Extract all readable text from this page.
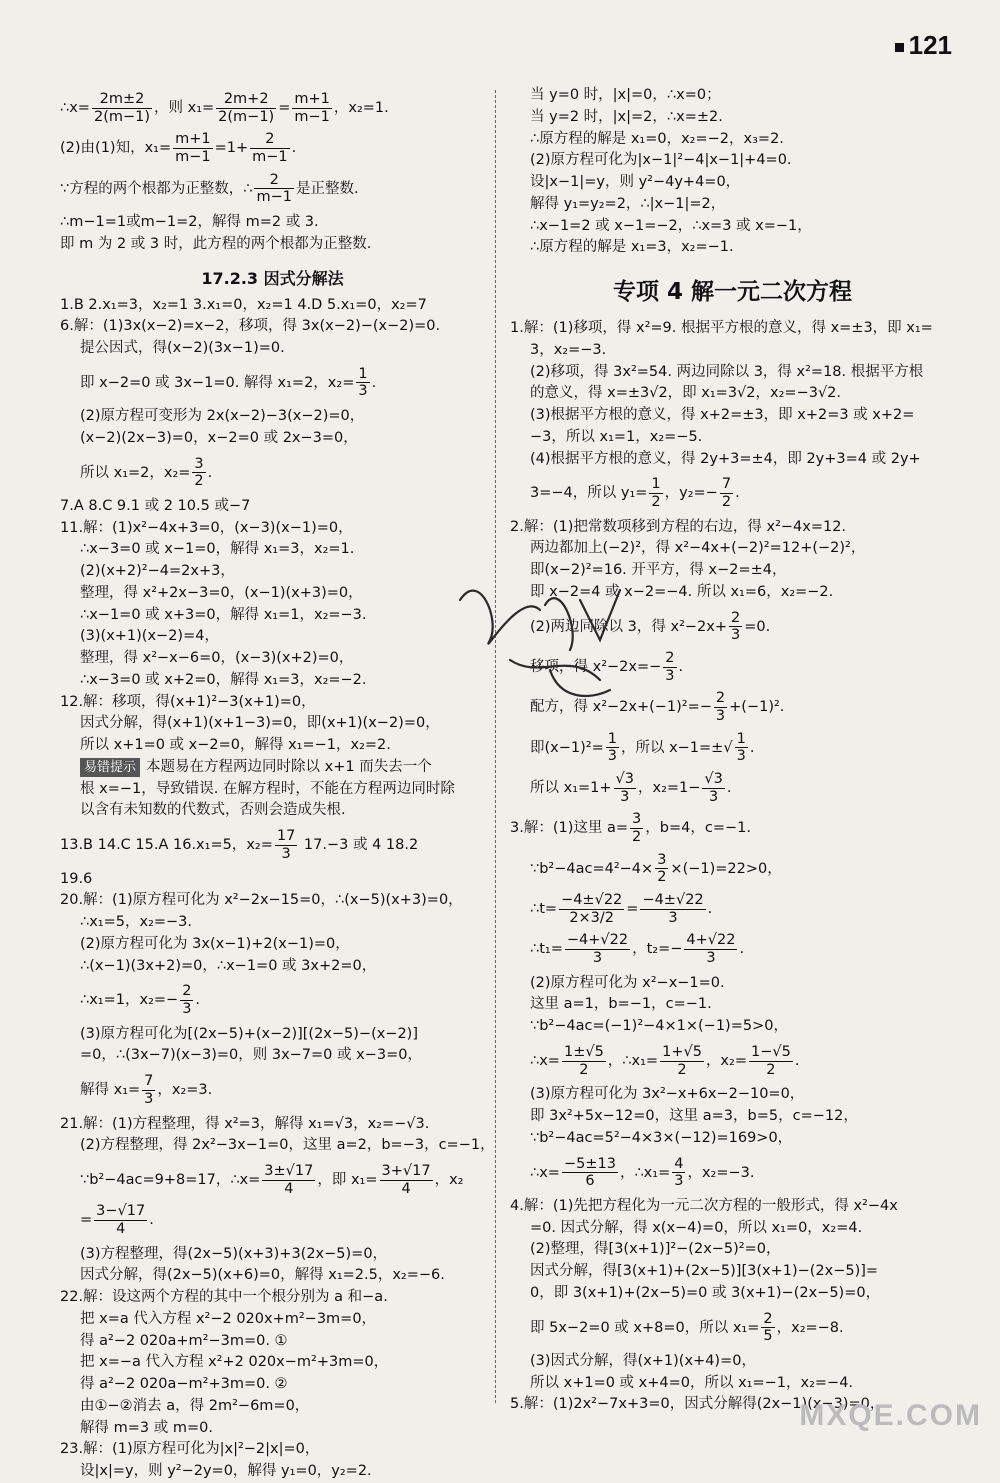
121
∴x= $\frac{2m\pm 2}{2(m-1)}$ ，则 $x_1= \frac{2m+2}{2(m-1)} = \frac{m+1}{m-1}$ ，x₂=1.
(2)由(1)知，$x_1= \frac{m+1}{m-1} =1+ \frac{2}{m-1}$ .
∵方程的两个根都为正整数，∴ $\frac{2}{m-1}$ 是正整数.
∴m−1=1或m−1=2，解得 m=2 或 3.
即 m 为 2 或 3 时，此方程的两个根都为正整数.
17.2.3 因式分解法
1.B 2.x₁=3，x₂=1 3.x₁=0，x₂=1 4.D 5.x₁=0，x₂=7
6.解：(1)3x(x−2)=x−2，移项，得 3x(x−2)−(x−2)=0.
提公因式，得(x−2)(3x−1)=0.
即 x−2=0 或 3x−1=0. 解得 x₁=2，$x_2= \frac{1}{3}$ .
(2)原方程可变形为 2x(x−2)−3(x−2)=0，
(x−2)(2x−3)=0，x−2=0 或 2x−3=0，
所以 x₁=2，$x_2= \frac{3}{2}$ .
7.A 8.C 9.1 或 2 10.5 或−7
11.解：(1)x²−4x+3=0，(x−3)(x−1)=0，
∴x−3=0 或 x−1=0，解得 x₁=3，x₂=1.
(2)(x+2)²−4=2x+3，
整理，得 x²+2x−3=0，(x−1)(x+3)=0，
∴x−1=0 或 x+3=0，解得 x₁=1，x₂=−3.
(3)(x+1)(x−2)=4，
整理，得 x²−x−6=0，(x−3)(x+2)=0，
∴x−3=0 或 x+2=0，解得 x₁=3，x₂=−2.
12.解：移项，得(x+1)²−3(x+1)=0，
因式分解，得(x+1)(x+1−3)=0，即(x+1)(x−2)=0，
所以 x+1=0 或 x−2=0，解得 x₁=−1，x₂=2.
易错提示 本题易在方程两边同时除以 x+1 而失去一个
根 x=−1，导致错误. 在解方程时，不能在方程两边同时除
以含有未知数的代数式，否则会造成失根.
13.B 14.C 15.A 16.x₁=5，$x_2= \frac{17}{3} 17.-3$ 或 4 18.2
19.6
20.解：(1)原方程可化为 x²−2x−15=0，∴(x−5)(x+3)=0，
∴x₁=5，x₂=−3.
(2)原方程可化为 3x(x−1)+2(x−1)=0，
∴(x−1)(3x+2)=0，∴x−1=0 或 3x+2=0，
∴x₁=1，$x_2=- \frac{2}{3}$ .
(3)原方程可化为[(2x−5)+(x−2)][(2x−5)−(x−2)]
=0，∴(3x−7)(x−3)=0，则 3x−7=0 或 x−3=0，
解得 $x_1= \frac{7}{3}$ ，x₂=3.
21.解：(1)方程整理，得 x²=3，解得 x₁=√3，x₂=−√3.
(2)方程整理，得 2x²−3x−1=0，这里 a=2，b=−3，c=−1，
∵b²−4ac=9+8=17，∴x= $\frac{3\pm√17}{4}$ ，即 $x_1= \frac{3+√17}{4}$ ，x₂
= $\frac{3-√17}{4}$ .
(3)方程整理，得(2x−5)(x+3)+3(2x−5)=0，
因式分解，得(2x−5)(x+6)=0，解得 x₁=2.5，x₂=−6.
22.解：设这两个方程的其中一个根分别为 a 和−a.
把 x=a 代入方程 x²−2 020x+m²−3m=0，
得 a²−2 020a+m²−3m=0. ①
把 x=−a 代入方程 x²+2 020x−m²+3m=0，
得 a²−2 020a−m²+3m=0. ②
由①−②消去 a，得 2m²−6m=0，
解得 m=3 或 m=0.
23.解：(1)原方程可化为|x|²−2|x|=0，
设|x|=y，则 y²−2y=0，解得 y₁=0，y₂=2.
当 y=0 时，|x|=0，∴x=0；
当 y=2 时，|x|=2，∴x=±2.
∴原方程的解是 x₁=0，x₂=−2，x₃=2.
(2)原方程可化为|x−1|²−4|x−1|+4=0.
设|x−1|=y，则 y²−4y+4=0，
解得 y₁=y₂=2，∴|x−1|=2，
∴x−1=2 或 x−1=−2，∴x=3 或 x=−1，
∴原方程的解是 x₁=3，x₂=−1.
专项 4 解一元二次方程
1.解：(1)移项，得 x²=9. 根据平方根的意义，得 x=±3，即 x₁=
3，x₂=−3.
(2)移项，得 3x²=54. 两边同除以 3，得 x²=18. 根据平方根
的意义，得 x=±3√2，即 x₁=3√2，x₂=−3√2.
(3)根据平方根的意义，得 x+2=±3，即 x+2=3 或 x+2=
−3，所以 x₁=1，x₂=−5.
(4)根据平方根的意义，得 2y+3=±4，即 2y+3=4 或 2y+
3=−4，所以 $y_1= \frac{1}{2}$ ，$y_2=- \frac{7}{2}$ .
2.解：(1)把常数项移到方程的右边，得 x²−4x=12.
两边都加上(−2)²，得 x²−4x+(−2)²=12+(−2)²，
即(x−2)²=16. 开平方，得 x−2=±4，
即 x−2=4 或 x−2=−4. 所以 x₁=6，x₂=−2.
(2)两边同除以 3，得 $x^2-2x+ \frac{2}{3} =0$.
移项，得 $x^2-2x=- \frac{2}{3}$ .
配方，得 $x^2-2x+(-1)^2=- \frac{2}{3} +(-1)^2$.
即$(x-1)^2= \frac{1}{3}$ ，所以 $x-1=\pm√ \frac{1}{3}$ .
所以 $x_1=1+ \frac{√3}{3}$ ，$x_2=1- \frac{√3}{3}$ .
3.解：(1)这里 $a= \frac{3}{2}$ ，b=4，c=−1.
∵b²−4ac=4²−4× $\frac{3}{2} \times(-1)=22>0$，
∴t= $\frac{-4\pm√22}{2\times 3/2} = \frac{-4\pm√22}{3}$ .
∴t₁= $\frac{-4+√22}{3}$ ，$t_2=- \frac{4+√22}{3}$ .
(2)原方程可化为 x²−x−1=0.
这里 a=1，b=−1，c=−1.
∵b²−4ac=(−1)²−4×1×(−1)=5>0，
∴x= $\frac{1\pm√5}{2}$ ，∴x₁= $\frac{1+√5}{2}$ ，$x_2= \frac{1-√5}{2}$ .
(3)原方程可化为 3x²−x+6x−2−10=0，
即 3x²+5x−12=0，这里 a=3，b=5，c=−12，
∵b²−4ac=5²−4×3×(−12)=169>0，
∴x= $\frac{-5\pm 13}{6}$ ，∴x₁= $\frac{4}{3}$ ，x₂=−3.
4.解：(1)先把方程化为一元二次方程的一般形式，得 x²−4x
=0. 因式分解，得 x(x−4)=0，所以 x₁=0，x₂=4.
(2)整理，得[3(x+1)]²−(2x−5)²=0，
因式分解，得[3(x+1)+(2x−5)][3(x+1)−(2x−5)]=
0，即 3(x+1)+(2x−5)=0 或 3(x+1)−(2x−5)=0，
即 5x−2=0 或 x+8=0，所以 $x_1= \frac{2}{5}$ ，x₂=−8.
(3)因式分解，得(x+1)(x+4)=0，
所以 x+1=0 或 x+4=0，所以 x₁=−1，x₂=−4.
5.解：(1)2x²−7x+3=0，因式分解得(2x−1)(x−3)=0，
MXQE.COM
